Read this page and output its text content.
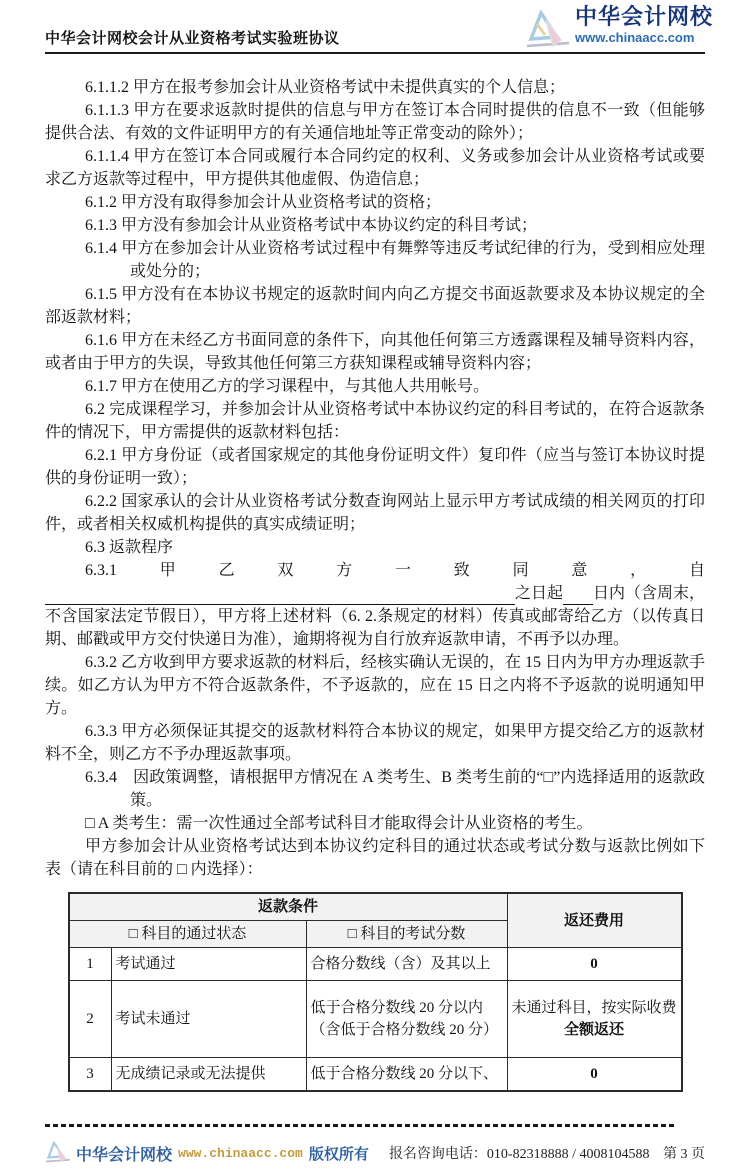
中华会计网校会计从业资格考试实验班协议
中华会计网校
www.chinaacc.com

6.1.1.2 甲方在报考参加会计从业资格考试中未提供真实的个人信息；

6.1.1.3 甲方在要求返款时提供的信息与甲方在签订本合同时提供的信息不一致（但能够提供合法、有效的文件证明甲方的有关通信地址等正常变动的除外）；

6.1.1.4 甲方在签订本合同或履行本合同约定的权利、义务或参加会计从业资格考试或要求乙方返款等过程中，甲方提供其他虚假、伪造信息；

6.1.2 甲方没有取得参加会计从业资格考试的资格；

6.1.3 甲方没有参加会计从业资格考试中本协议约定的科目考试；

6.1.4 甲方在参加会计从业资格考试过程中有舞弊等违反考试纪律的行为，受到相应处理或处分的；

6.1.5 甲方没有在本协议书规定的返款时间内向乙方提交书面返款要求及本协议规定的全部返款材料；

6.1.6 甲方在未经乙方书面同意的条件下，向其他任何第三方透露课程及辅导资料内容，或者由于甲方的失误，导致其他任何第三方获知课程或辅导资料内容；

6.1.7 甲方在使用乙方的学习课程中，与其他人共用帐号。

6.2 完成课程学习，并参加会计从业资格考试中本协议约定的科目考试的，在符合返款条件的情况下，甲方需提供的返款材料包括：

6.2.1 甲方身份证（或者国家规定的其他身份证明文件）复印件（应当与签订本协议时提供的身份证明一致）；

6.2.2 国家承认的会计从业资格考试分数查询网站上显示甲方考试成绩的相关网页的打印件，或者相关权威机构提供的真实成绩证明；

6.3 返款程序

6.3.1	甲	乙	双	方	一	致	同	意	，	自
之日起 日内（含周末，

不含国家法定节假日），甲方将上述材料（6. 2.条规定的材料）传真或邮寄给乙方（以传真日期、邮戳或甲方交付快递日为准），逾期将视为自行放弃返款申请，不再予以办理。

6.3.2 乙方收到甲方要求返款的材料后，经核实确认无误的，在 15 日内为甲方办理返款手续。如乙方认为甲方不符合返款条件，不予返款的，应在 15 日之内将不予返款的说明通知甲方。

6.3.3 甲方必须保证其提交的返款材料符合本协议的规定，如果甲方提交给乙方的返款材料不全，则乙方不予办理返款事项。

6.3.4　因政策调整，请根据甲方情况在 A 类考生、B 类考生前的“□”内选择适用的返款政策。

□ A 类考生：需一次性通过全部考试科目才能取得会计从业资格的考生。

甲方参加会计从业资格考试达到本协议约定科目的通过状态或考试分数与返款比例如下表（请在科目前的 □ 内选择）：

返款条件			返还费用
□ 科目的通过状态		□ 科目的考试分数	
1	考试通过	合格分数线（含）及其以上	0

2	考试未通过	低于合格分数线 20 分以内
（含低于合格分数线 20 分）	未通过科目，按实际收费
全额返还

3	无成绩记录或无法提供	低于合格分数线 20 分以下、	0
中华会计网校 www.chinaacc.com 版权所有 报名咨询电话：010-82318888 / 4008104588 第 3 页
